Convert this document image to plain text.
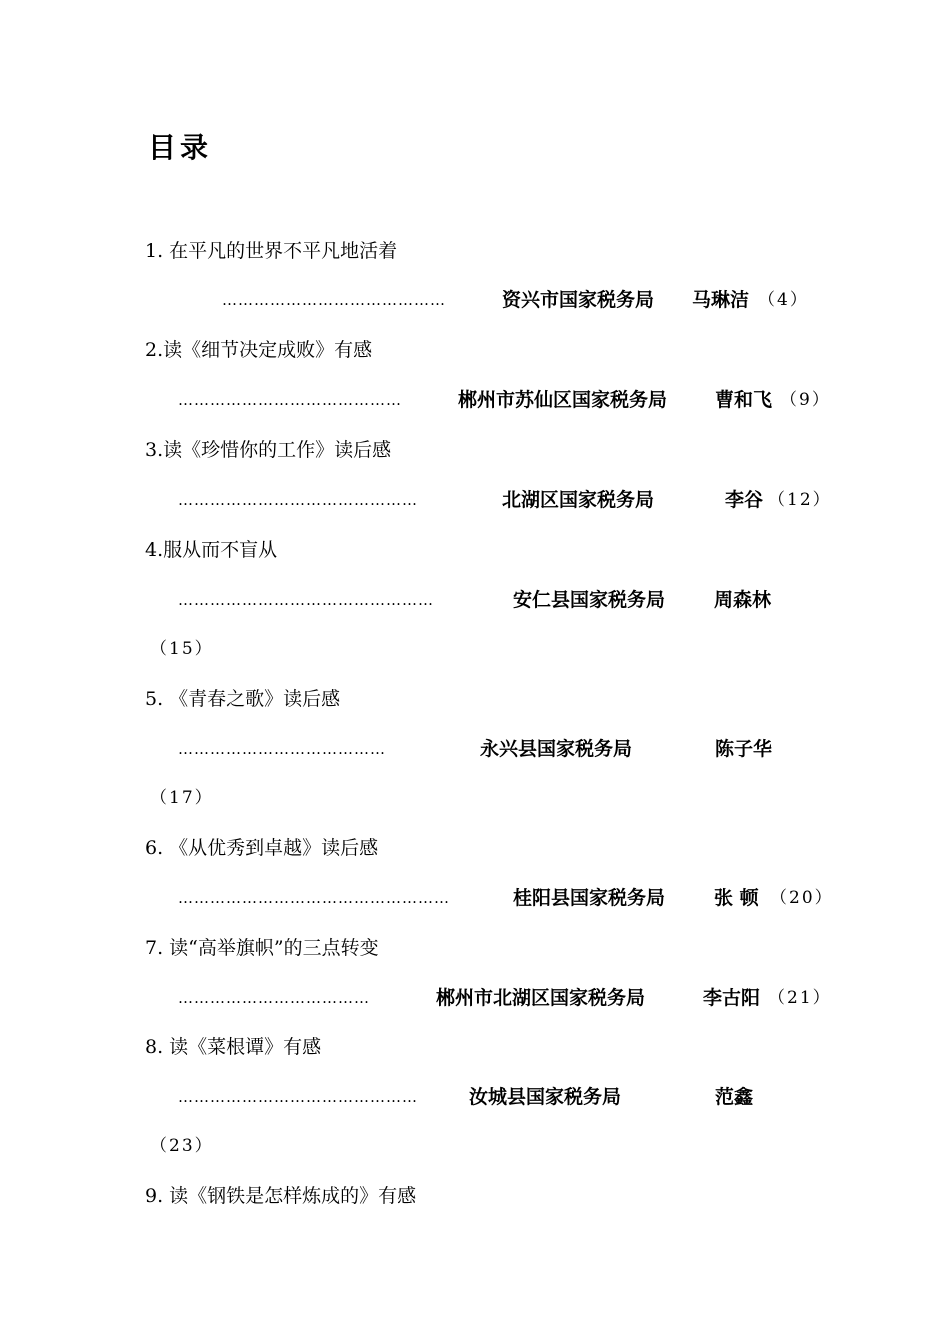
目录
1. 在平凡的世界不平凡地活着
……………………………………	资兴市国家税务局 马琳洁 （4）
2.读《细节决定成败》有感
……………………………………	郴州市苏仙区国家税务局	曹和飞 （9）
3.读《珍惜你的工作》读后感
………………………………………	北湖区国家税务局	李谷 （12）
4.服从而不盲从
…………………………………………	安仁县国家税务局	周森林
（15）
5. 《青春之歌》读后感
…………………………………	永兴县国家税务局	陈子华
（17）
6. 《从优秀到卓越》读后感
……………………………………………	桂阳县国家税务局	张 顿 （20）
7. 读“高举旗帜”的三点转变
………………………………	郴州市北湖区国家税务局	李古阳 （21）
8. 读《菜根谭》有感
………………………………………	汝城县国家税务局	范鑫
（23）
9. 读《钢铁是怎样炼成的》有感
